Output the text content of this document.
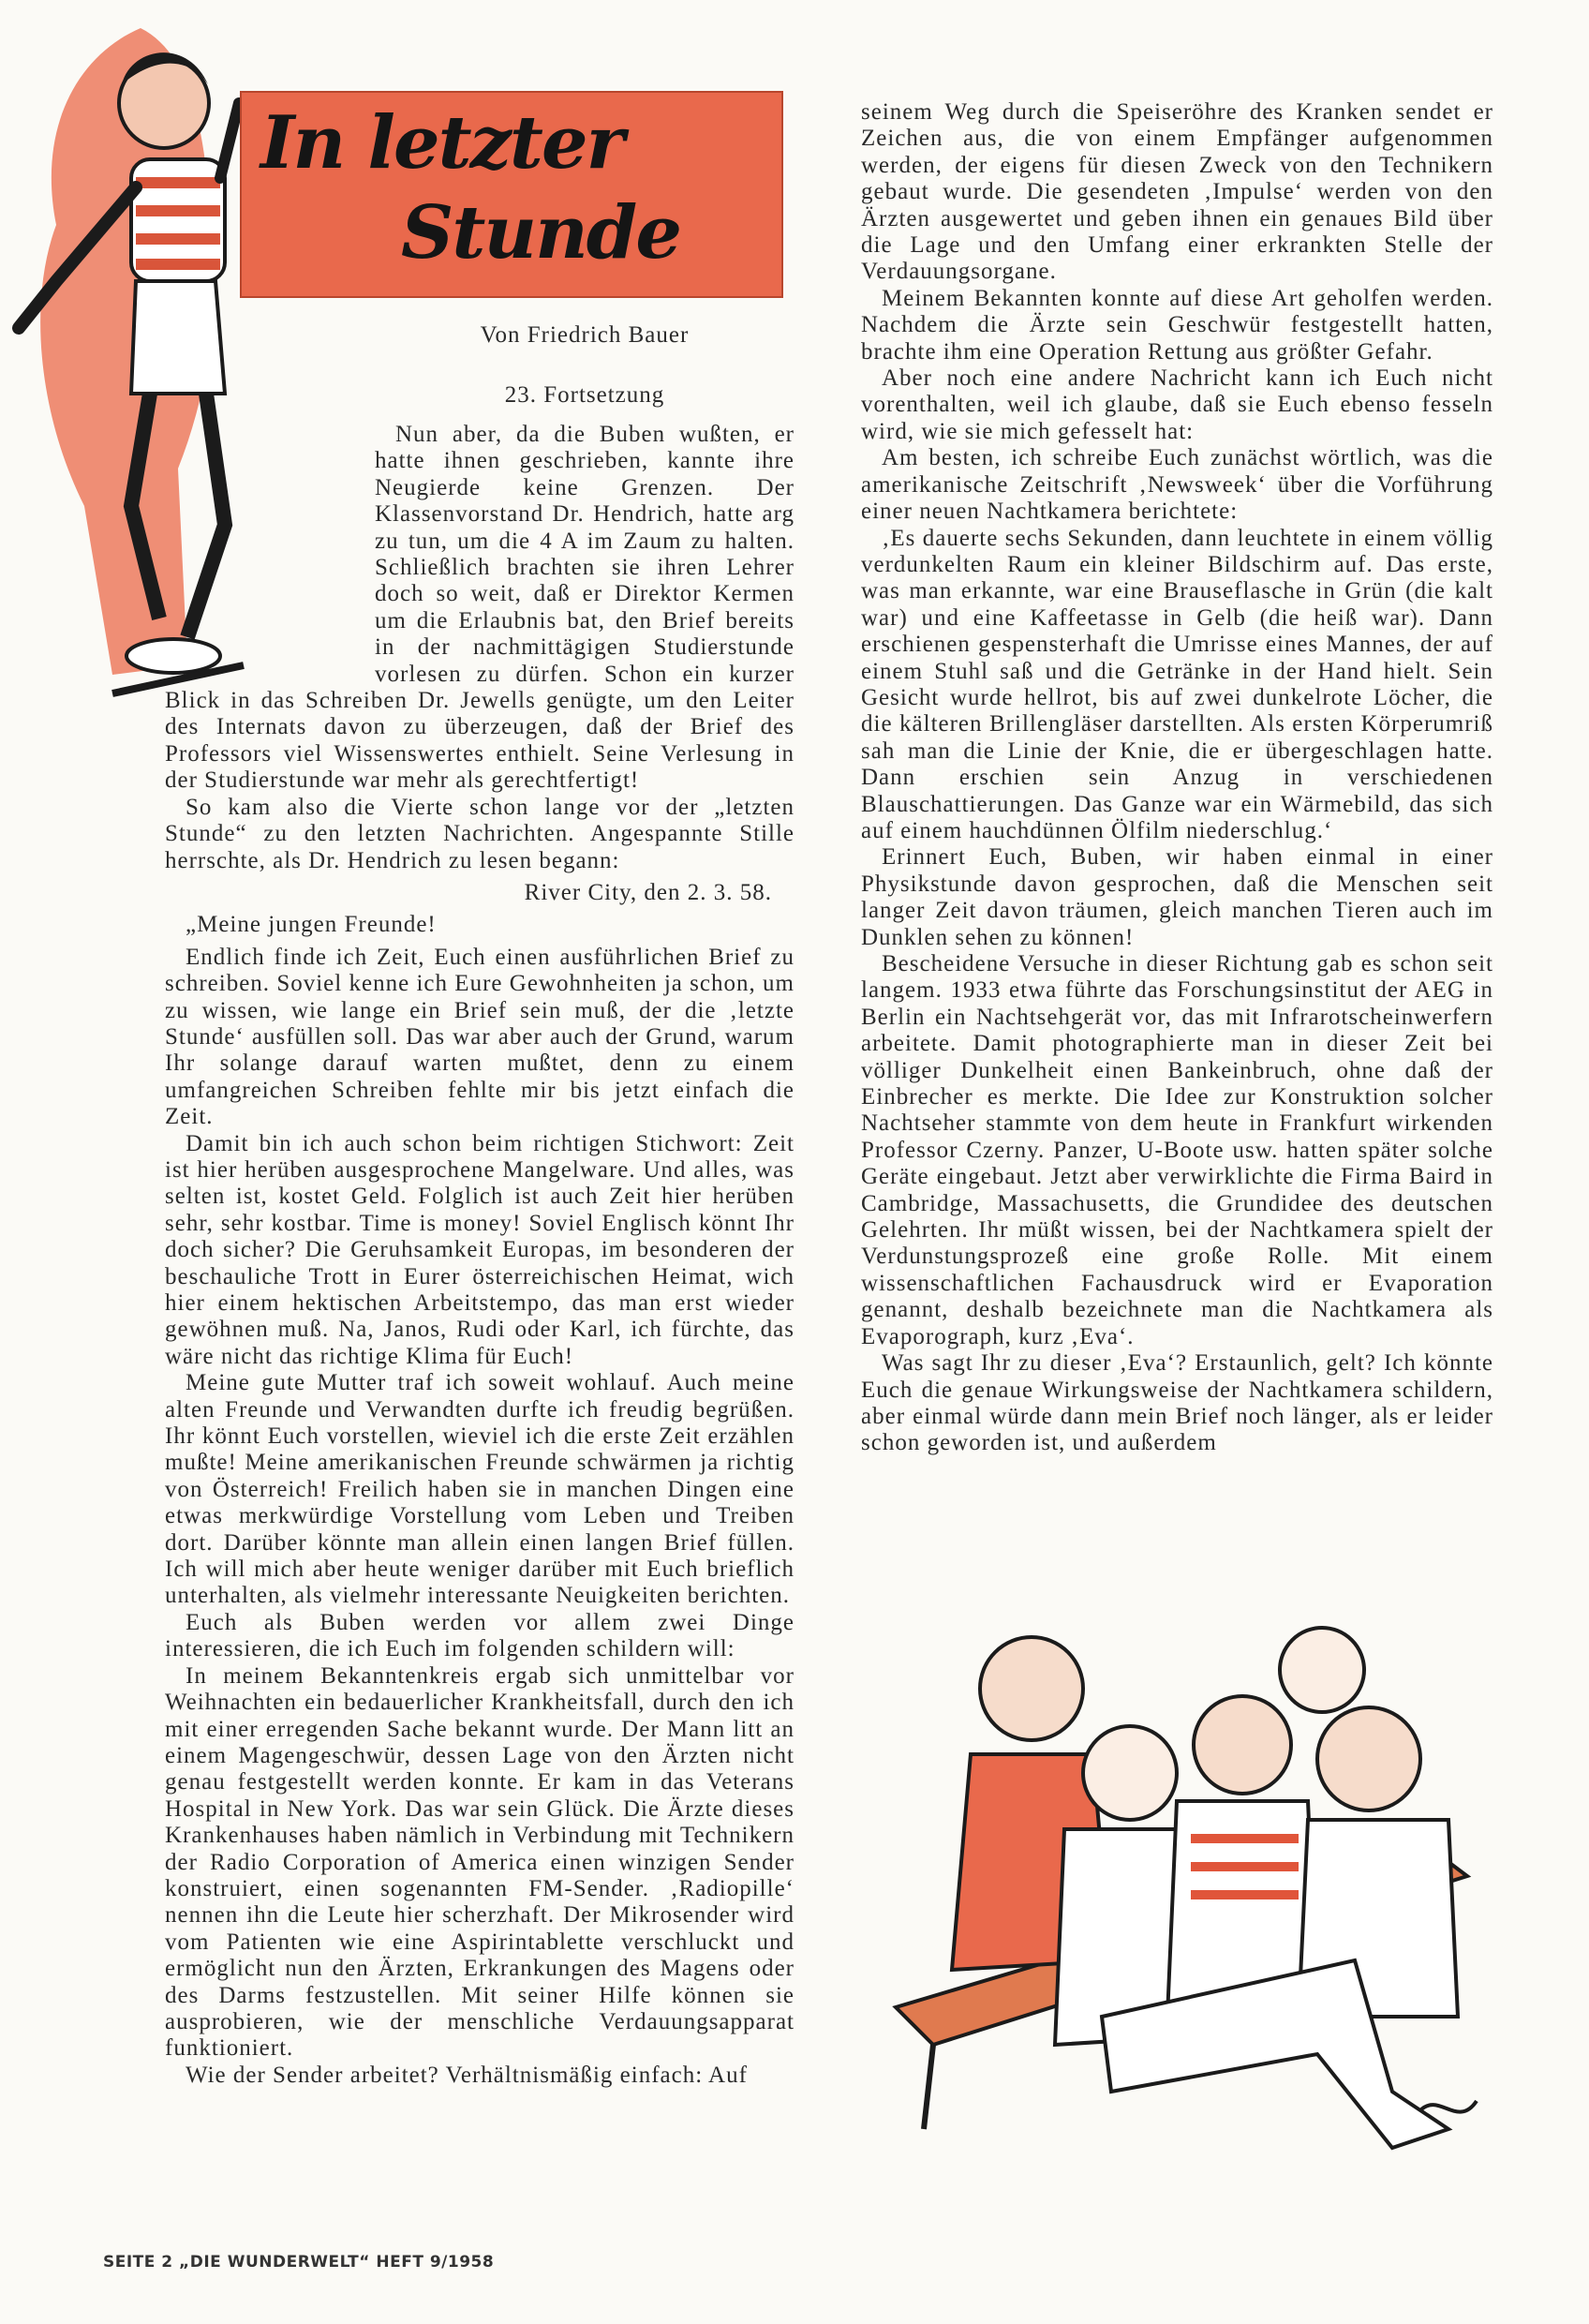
In letzter
Stunde
Von Friedrich Bauer
23. Fortsetzung

Nun aber, da die Buben wußten, er hatte ihnen geschrieben, kannte ihre Neugierde keine Grenzen. Der Klassenvorstand Dr. Hendrich, hatte arg zu tun, um die 4 A im Zaum zu halten. Schließlich brachten sie ihren Lehrer doch so weit, daß er Direktor Kermen um die Erlaubnis bat, den Brief bereits in der nachmittägigen Studierstunde vorlesen zu dürfen. Schon ein kurzer Blick in das Schreiben Dr. Jewells genügte, um den Leiter des Internats davon zu überzeugen, daß der Brief des Professors viel Wissenswertes enthielt. Seine Verlesung in der Studierstunde war mehr als gerechtfertigt!

So kam also die Vierte schon lange vor der „letzten Stunde“ zu den letzten Nachrichten. Angespannte Stille herrschte, als Dr. Hendrich zu lesen begann:

River City, den 2. 3. 58.

„Meine jungen Freunde!

Endlich finde ich Zeit, Euch einen ausführlichen Brief zu schreiben. Soviel kenne ich Eure Gewohnheiten ja schon, um zu wissen, wie lange ein Brief sein muß, der die ‚letzte Stunde‘ ausfüllen soll. Das war aber auch der Grund, warum Ihr solange darauf warten mußtet, denn zu einem umfangreichen Schreiben fehlte mir bis jetzt einfach die Zeit.

Damit bin ich auch schon beim richtigen Stichwort: Zeit ist hier herüben ausgesprochene Mangelware. Und alles, was selten ist, kostet Geld. Folglich ist auch Zeit hier herüben sehr, sehr kostbar. Time is money! Soviel Englisch könnt Ihr doch sicher? Die Geruhsamkeit Europas, im besonderen der beschauliche Trott in Eurer österreichischen Heimat, wich hier einem hektischen Arbeitstempo, das man erst wieder gewöhnen muß. Na, Janos, Rudi oder Karl, ich fürchte, das wäre nicht das richtige Klima für Euch!

Meine gute Mutter traf ich soweit wohlauf. Auch meine alten Freunde und Verwandten durfte ich freudig begrüßen. Ihr könnt Euch vorstellen, wieviel ich die erste Zeit erzählen mußte! Meine amerikanischen Freunde schwärmen ja richtig von Österreich! Freilich haben sie in manchen Dingen eine etwas merkwürdige Vorstellung vom Leben und Treiben dort. Darüber könnte man allein einen langen Brief füllen. Ich will mich aber heute weniger darüber mit Euch brieflich unterhalten, als vielmehr interessante Neuigkeiten berichten.

Euch als Buben werden vor allem zwei Dinge interessieren, die ich Euch im folgenden schildern will:

In meinem Bekanntenkreis ergab sich unmittelbar vor Weihnachten ein bedauerlicher Krankheitsfall, durch den ich mit einer erregenden Sache bekannt wurde. Der Mann litt an einem Magengeschwür, dessen Lage von den Ärzten nicht genau festgestellt werden konnte. Er kam in das Veterans Hospital in New York. Das war sein Glück. Die Ärzte dieses Krankenhauses haben nämlich in Verbindung mit Technikern der Radio Corporation of America einen winzigen Sender konstruiert, einen sogenannten FM-Sender. ‚Radiopille‘ nennen ihn die Leute hier scherzhaft. Der Mikrosender wird vom Patienten wie eine Aspirintablette verschluckt und ermöglicht nun den Ärzten, Erkrankungen des Magens oder des Darms festzustellen. Mit seiner Hilfe können sie ausprobieren, wie der menschliche Verdauungsapparat funktioniert.

Wie der Sender arbeitet? Verhältnismäßig einfach: Auf

seinem Weg durch die Speiseröhre des Kranken sendet er Zeichen aus, die von einem Empfänger aufgenommen werden, der eigens für diesen Zweck von den Technikern gebaut wurde. Die gesendeten ‚Impulse‘ werden von den Ärzten ausgewertet und geben ihnen ein genaues Bild über die Lage und den Umfang einer erkrankten Stelle der Verdauungsorgane.

Meinem Bekannten konnte auf diese Art geholfen werden. Nachdem die Ärzte sein Geschwür festgestellt hatten, brachte ihm eine Operation Rettung aus größter Gefahr.

Aber noch eine andere Nachricht kann ich Euch nicht vorenthalten, weil ich glaube, daß sie Euch ebenso fesseln wird, wie sie mich gefesselt hat:

Am besten, ich schreibe Euch zunächst wörtlich, was die amerikanische Zeitschrift ‚Newsweek‘ über die Vorführung einer neuen Nachtkamera berichtete:

‚Es dauerte sechs Sekunden, dann leuchtete in einem völlig verdunkelten Raum ein kleiner Bildschirm auf. Das erste, was man erkannte, war eine Brauseflasche in Grün (die kalt war) und eine Kaffeetasse in Gelb (die heiß war). Dann erschienen gespensterhaft die Umrisse eines Mannes, der auf einem Stuhl saß und die Getränke in der Hand hielt. Sein Gesicht wurde hellrot, bis auf zwei dunkelrote Löcher, die die kälteren Brillengläser darstellten. Als ersten Körperumriß sah man die Linie der Knie, die er übergeschlagen hatte. Dann erschien sein Anzug in verschiedenen Blauschattierungen. Das Ganze war ein Wärmebild, das sich auf einem hauchdünnen Ölfilm niederschlug.‘

Erinnert Euch, Buben, wir haben einmal in einer Physikstunde davon gesprochen, daß die Menschen seit langer Zeit davon träumen, gleich manchen Tieren auch im Dunklen sehen zu können!

Bescheidene Versuche in dieser Richtung gab es schon seit langem. 1933 etwa führte das Forschungsinstitut der AEG in Berlin ein Nachtsehgerät vor, das mit Infrarotscheinwerfern arbeitete. Damit photographierte man in dieser Zeit bei völliger Dunkelheit einen Bankeinbruch, ohne daß der Einbrecher es merkte. Die Idee zur Konstruktion solcher Nachtseher stammte von dem heute in Frankfurt wirkenden Professor Czerny. Panzer, U-Boote usw. hatten später solche Geräte eingebaut. Jetzt aber verwirklichte die Firma Baird in Cambridge, Massachusetts, die Grundidee des deutschen Gelehrten. Ihr müßt wissen, bei der Nachtkamera spielt der Verdunstungsprozeß eine große Rolle. Mit einem wissenschaftlichen Fachausdruck wird er Evaporation genannt, deshalb bezeichnete man die Nachtkamera als Evaporograph, kurz ‚Eva‘.

Was sagt Ihr zu dieser ‚Eva‘? Erstaunlich, gelt? Ich könnte Euch die genaue Wirkungsweise der Nachtkamera schildern, aber einmal würde dann mein Brief noch länger, als er leider schon geworden ist, und außerdem

SEITE 2 „DIE WUNDERWELT“ HEFT 9/1958
